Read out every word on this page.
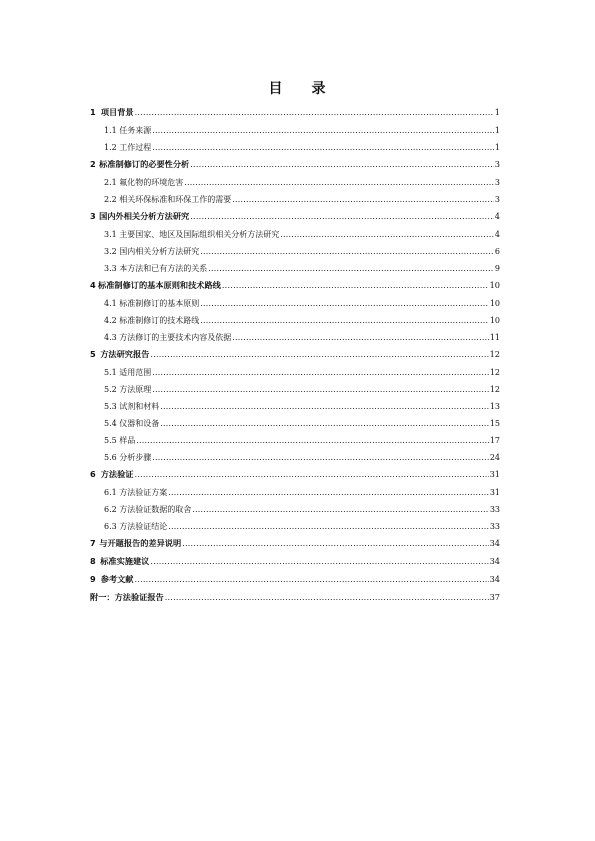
目 录
1 项目背景 .....	1
1.1 任务来源 .....	1
1.2 工作过程 .....	1
2 标准制修订的必要性分析 .....	3
2.1 氟化物的环境危害 .....	3
2.2 相关环保标准和环保工作的需要 .....	3
3 国内外相关分析方法研究 .....	4
3.1 主要国家、地区及国际组织相关分析方法研究 .....	4
3.2 国内相关分析方法研究 .....	6
3.3 本方法和已有方法的关系 .....	9
4 标准制修订的基本原则和技术路线 .....	10
4.1 标准制修订的基本原则 .....	10
4.2 标准制修订的技术路线 .....	10
4.3 方法修订的主要技术内容及依据 .....	11
5 方法研究报告 .....	12
5.1 适用范围 .....	12
5.2 方法原理 .....	12
5.3 试剂和材料 .....	13
5.4 仪器和设备 .....	15
5.5 样品 .....	17
5.6 分析步骤 .....	24
6 方法验证 .....	31
6.1 方法验证方案 .....	31
6.2 方法验证数据的取舍 .....	33
6.3 方法验证结论 .....	33
7 与开题报告的差异说明 .....	34
8 标准实施建议 .....	34
9 参考文献 .....	34
附一：方法验证报告 .....	37
